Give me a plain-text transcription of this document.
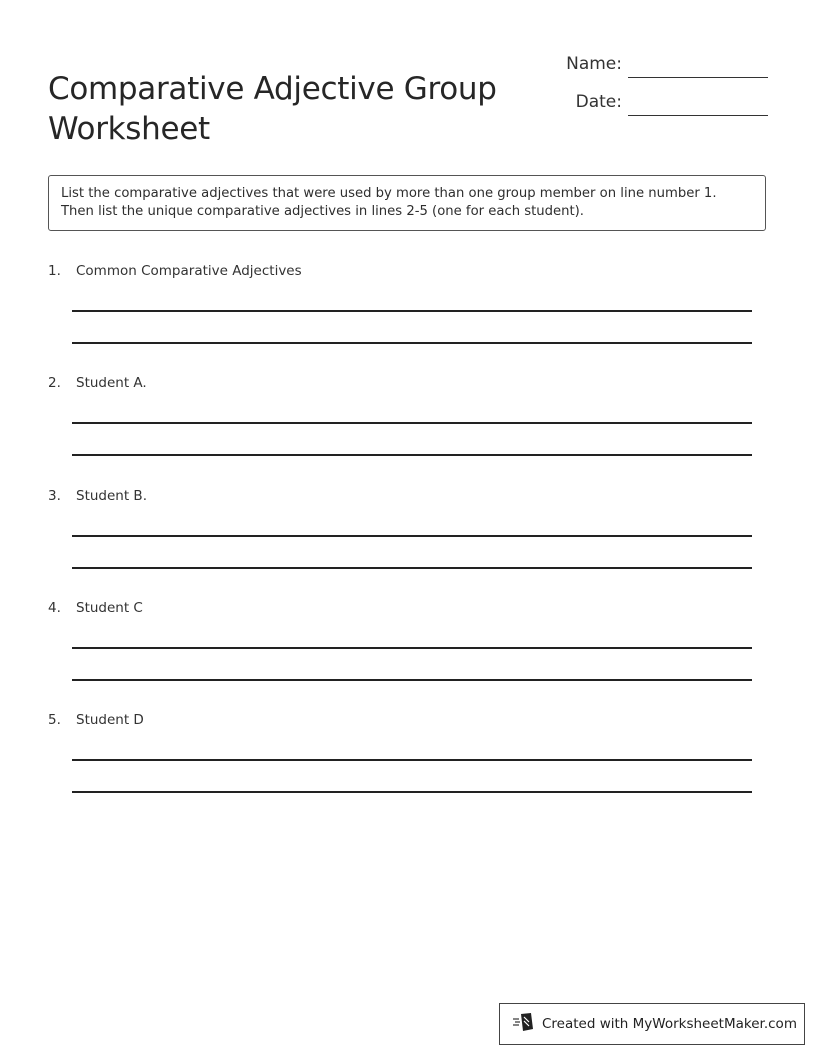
Comparative Adjective Group Worksheet
Name:
Date:
List the comparative adjectives that were used by more than one group member on line number 1. Then list the unique comparative adjectives in lines 2-5 (one for each student).
1. Common Comparative Adjectives
2. Student A.
3. Student B.
4. Student C
5. Student D
Created with MyWorksheetMaker.com
